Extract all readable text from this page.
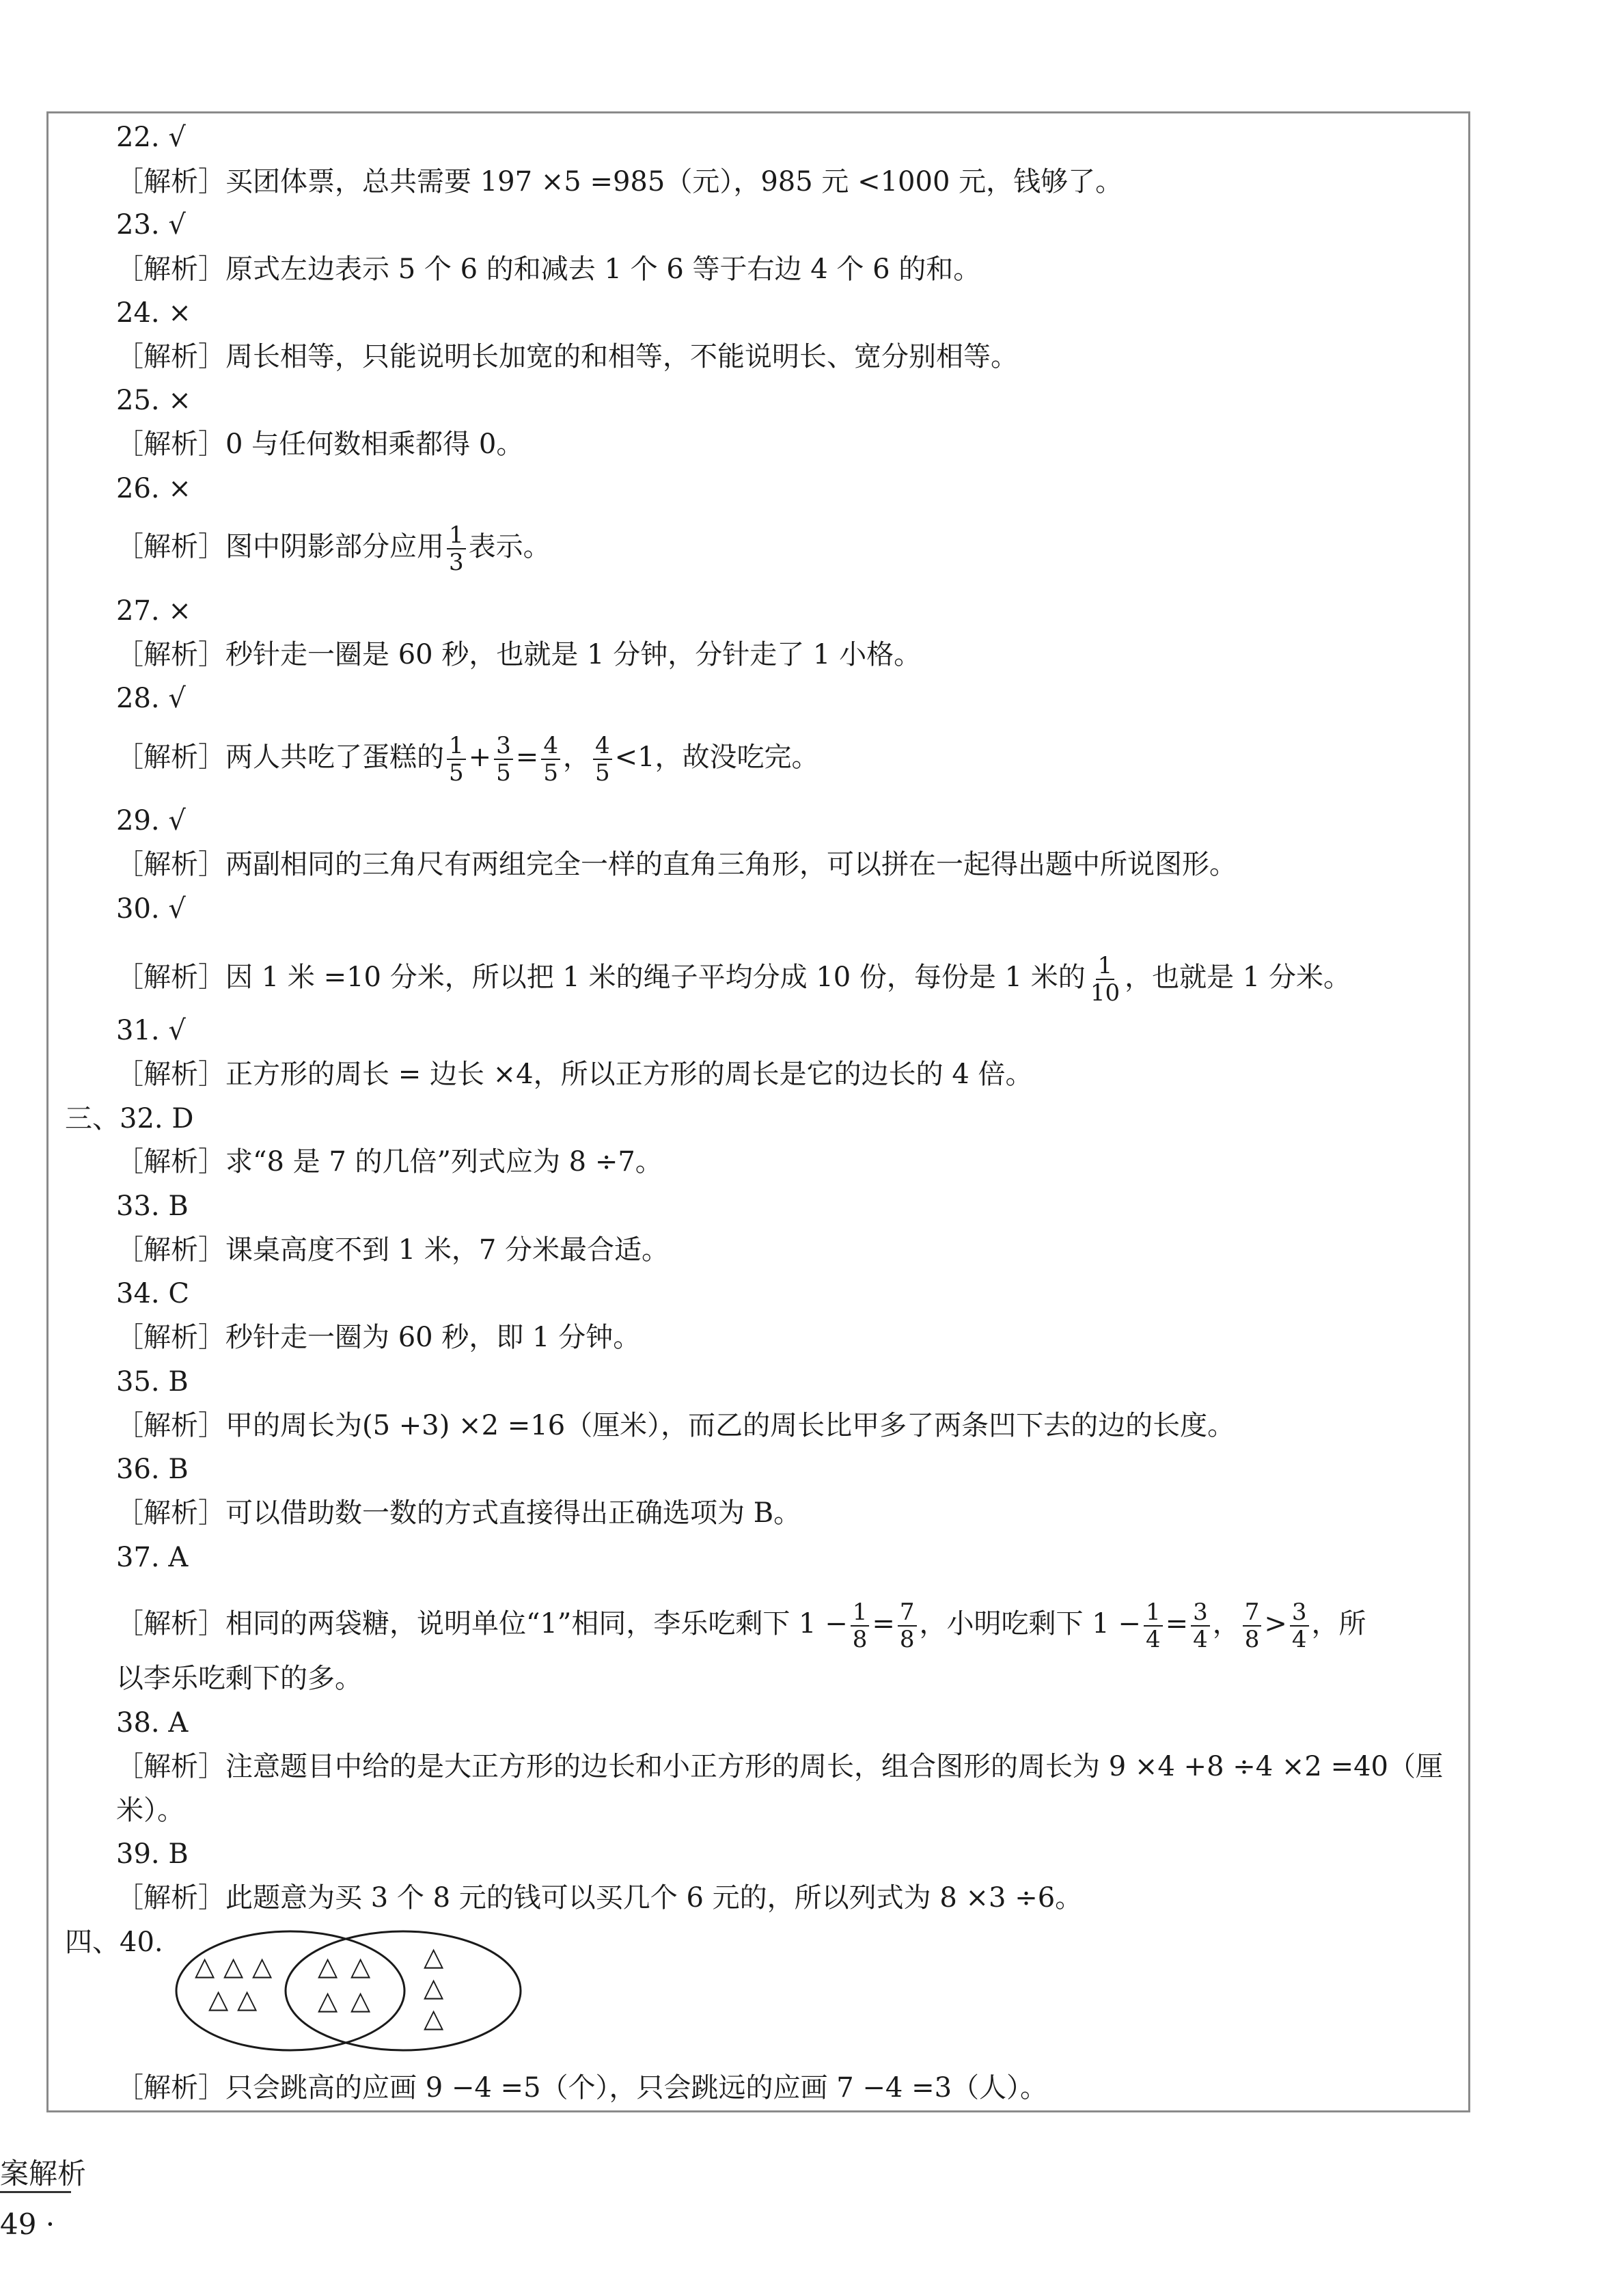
22. √
［解析］买团体票，总共需要 197 ×5 =985（元），985 元 <1000 元，钱够了。
23. √
［解析］原式左边表示 5 个 6 的和减去 1 个 6 等于右边 4 个 6 的和。
24. ×
［解析］周长相等，只能说明长加宽的和相等，不能说明长、宽分别相等。
25. ×
［解析］0 与任何数相乘都得 0。
26. ×
［解析］图中阴影部分应用 $\frac{1}{3}$ 表示。
27. ×
［解析］秒针走一圈是 60 秒，也就是 1 分钟，分针走了 1 小格。
28. √
［解析］两人共吃了蛋糕的 $\frac{1}{5} + \frac{3}{5} = \frac{4}{5}$ ， $\frac{4}{5} <1$，故没吃完。
29. √
［解析］两副相同的三角尺有两组完全一样的直角三角形，可以拼在一起得出题中所说图形。
30. √
［解析］因 1 米 =10 分米，所以把 1 米的绳子平均分成 10 份，每份是 1 米的 $\frac{1}{10}$ ，也就是 1 分米。
31. √
［解析］正方形的周长 = 边长 ×4，所以正方形的周长是它的边长的 4 倍。
三、32. D
［解析］求“8 是 7 的几倍”列式应为 8 ÷7。
33. B
［解析］课桌高度不到 1 米，7 分米最合适。
34. C
［解析］秒针走一圈为 60 秒，即 1 分钟。
35. B
［解析］甲的周长为(5 +3) ×2 =16（厘米），而乙的周长比甲多了两条凹下去的边的长度。
36. B
［解析］可以借助数一数的方式直接得出正确选项为 B。
37. A
［解析］相同的两袋糖，说明单位“1”相同，李乐吃剩下 $1 - \frac{1}{8} = \frac{7}{8}$ ，小明吃剩下 $1 - \frac{1}{4} = \frac{3}{4}$ ， $\frac{7}{8} > \frac{3}{4}$ ，所
以李乐吃剩下的多。
38. A
［解析］注意题目中给的是大正方形的边长和小正方形的周长，组合图形的周长为 9 ×4 +8 ÷4 ×2 =40（厘
米）。
39. B
［解析］此题意为买 3 个 8 元的钱可以买几个 6 元的，所以列式为 8 ×3 ÷6。
四、40.
△ △ △
△ △
△ △
△ △
△
△
△
［解析］只会跳高的应画 9 −4 =5（个），只会跳远的应画 7 −4 =3（人）。
案解析
49 ·
